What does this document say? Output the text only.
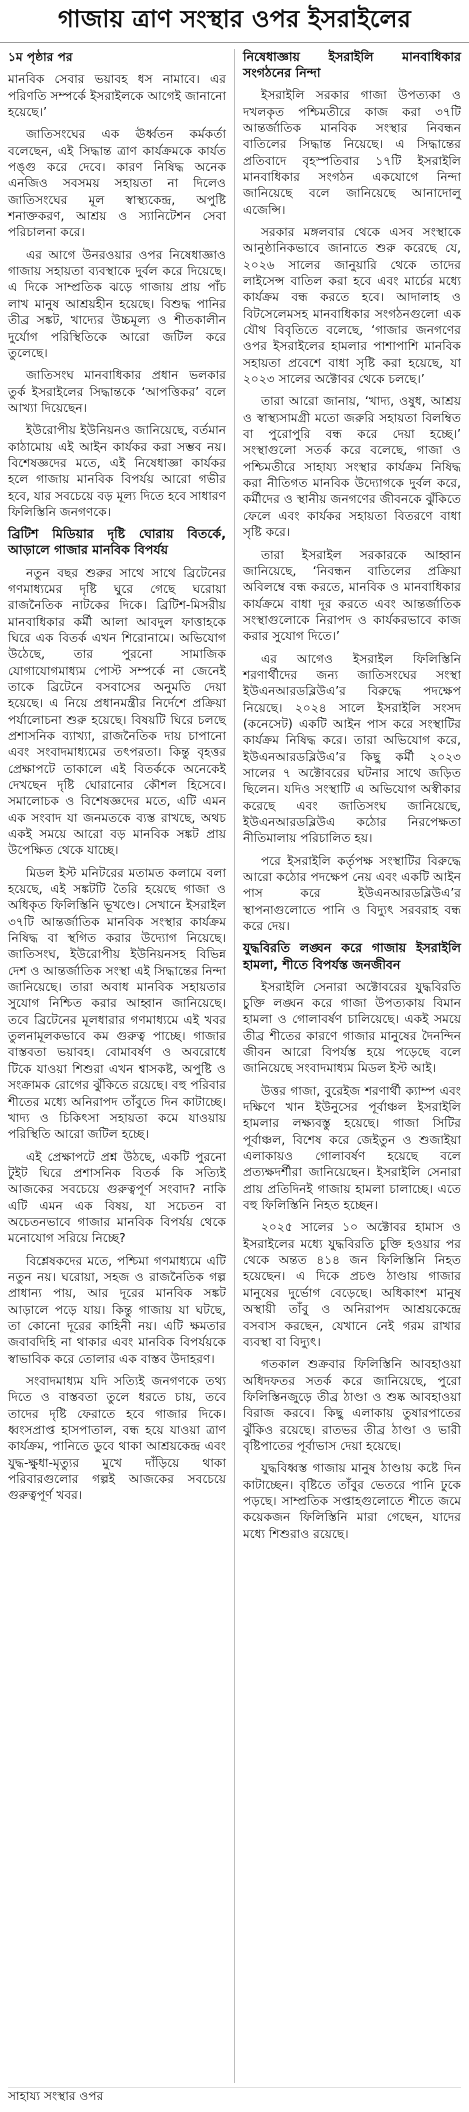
গাজায় ত্রাণ সংস্থার ওপর ইসরাইলের
১ম পৃষ্ঠার পর

মানবিক সেবার ভয়াবহ ধস নামাবে। এর পরিণতি সম্পর্কে ইসরাইলকে আগেই জানানো হয়েছে।’

জাতিসংঘের এক ঊর্ধ্বতন কর্মকর্তা বলেছেন, এই সিদ্ধান্ত ত্রাণ কার্যক্রমকে কার্যত পঙ্গু করে দেবে। কারণ নিষিদ্ধ অনেক এনজিও সবসময় সহায়তা না দিলেও জাতিসংঘের মূল স্বাস্থ্যকেন্দ্র, অপুষ্টি শনাক্তকরণ, আশ্রয় ও স্যানিটেশন সেবা পরিচালনা করে।

এর আগে উনরওয়ার ওপর নিষেধাজ্ঞাও গাজায় সহায়তা ব্যবস্থাকে দুর্বল করে দিয়েছে। এ দিকে সাম্প্রতিক ঝড়ে গাজায় প্রায় পাঁচ লাখ মানুষ আশ্রয়হীন হয়েছে। বিশুদ্ধ পানির তীব্র সঙ্কট, খাদ্যের উচ্চমূল্য ও শীতকালীন দুর্যোগ পরিস্থিতিকে আরো জটিল করে তুলেছে।

জাতিসংঘ মানবাধিকার প্রধান ভলকার তুর্ক ইসরাইলের সিদ্ধান্তকে ‘আপত্তিকর’ বলে আখ্যা দিয়েছেন।

ইউরোপীয় ইউনিয়নও জানিয়েছে, বর্তমান কাঠামোয় এই আইন কার্যকর করা সম্ভব নয়। বিশেষজ্ঞদের মতে, এই নিষেধাজ্ঞা কার্যকর হলে গাজায় মানবিক বিপর্যয় আরো গভীর হবে, যার সবচেয়ে বড় মূল্য দিতে হবে সাধারণ ফিলিস্তিনি জনগণকে।

ব্রিটিশ মিডিয়ার দৃষ্টি ঘোরায় বিতর্কে, আড়ালে গাজার মানবিক বিপর্যয়

নতুন বছর শুরুর সাথে সাথে ব্রিটেনের গণমাধ্যমের দৃষ্টি ঘুরে গেছে ঘরোয়া রাজনৈতিক নাটকের দিকে। ব্রিটিশ-মিসরীয় মানবাধিকার কর্মী আলা আবদুল ফাত্তাহকে ঘিরে এক বিতর্ক এখন শিরোনামে। অভিযোগ উঠেছে, তার পুরনো সামাজিক যোগাযোগমাধ্যম পোস্ট সম্পর্কে না জেনেই তাকে ব্রিটেনে বসবাসের অনুমতি দেয়া হয়েছে। এ নিয়ে প্রধানমন্ত্রীর নির্দেশে প্রক্রিয়া পর্যালোচনা শুরু হয়েছে। বিষয়টি ঘিরে চলছে প্রশাসনিক ব্যাখ্যা, রাজনৈতিক দায় চাপানো এবং সংবাদমাধ্যমের তৎপরতা। কিন্তু বৃহত্তর প্রেক্ষাপটে তাকালে এই বিতর্ককে অনেকেই দেখছেন দৃষ্টি ঘোরানোর কৌশল হিসেবে। সমালোচক ও বিশেষজ্ঞদের মতে, এটি এমন এক সংবাদ যা জনমতকে ব্যস্ত রাখছে, অথচ একই সময়ে আরো বড় মানবিক সঙ্কট প্রায় উপেক্ষিত থেকে যাচ্ছে।

মিডল ইস্ট মনিটরের মতামত কলামে বলা হয়েছে, এই সঙ্কটটি তৈরি হয়েছে গাজা ও অধিকৃত ফিলিস্তিনি ভূখণ্ডে। সেখানে ইসরাইল ৩৭টি আন্তর্জাতিক মানবিক সংস্থার কার্যক্রম নিষিদ্ধ বা স্থগিত করার উদ্যোগ নিয়েছে। জাতিসংঘ, ইউরোপীয় ইউনিয়নসহ বিভিন্ন দেশ ও আন্তর্জাতিক সংস্থা এই সিদ্ধান্তের নিন্দা জানিয়েছে। তারা অবাধ মানবিক সহায়তার সুযোগ নিশ্চিত করার আহ্বান জানিয়েছে। তবে ব্রিটেনের মূলধারার গণমাধ্যমে এই খবর তুলনামূলকভাবে কম গুরুত্ব পাচ্ছে। গাজার বাস্তবতা ভয়াবহ। বোমাবর্ষণ ও অবরোধে টিকে যাওয়া শিশুরা এখন শ্বাসকষ্ট, অপুষ্টি ও সংক্রামক রোগের ঝুঁকিতে রয়েছে। বহু পরিবার শীতের মধ্যে অনিরাপদ তাঁবুতে দিন কাটাচ্ছে। খাদ্য ও চিকিৎসা সহায়তা কমে যাওয়ায় পরিস্থিতি আরো জটিল হচ্ছে।

এই প্রেক্ষাপটে প্রশ্ন উঠছে, একটি পুরনো টুইট ঘিরে প্রশাসনিক বিতর্ক কি সত্যিই আজকের সবচেয়ে গুরুত্বপূর্ণ সংবাদ? নাকি এটি এমন এক বিষয়, যা সচেতন বা অচেতনভাবে গাজার মানবিক বিপর্যয় থেকে মনোযোগ সরিয়ে নিচ্ছে?

বিশ্লেষকদের মতে, পশ্চিমা গণমাধ্যমে এটি নতুন নয়। ঘরোয়া, সহজ ও রাজনৈতিক গল্প প্রাধান্য পায়, আর দূরের মানবিক সঙ্কট আড়ালে পড়ে যায়। কিন্তু গাজায় যা ঘটছে, তা কোনো দূরের কাহিনী নয়। এটি ক্ষমতার জবাবদিহি না থাকার এবং মানবিক বিপর্যয়কে স্বাভাবিক করে তোলার এক বাস্তব উদাহরণ।

সংবাদমাধ্যম যদি সত্যিই জনগণকে তথ্য দিতে ও বাস্তবতা তুলে ধরতে চায়, তবে তাদের দৃষ্টি ফেরাতে হবে গাজার দিকে। ধ্বংসপ্রাপ্ত হাসপাতাল, বন্ধ হয়ে যাওয়া ত্রাণ কার্যক্রম, পানিতে ডুবে থাকা আশ্রয়কেন্দ্র এবং যুদ্ধ-ক্ষুধা-মৃত্যুর মুখে দাঁড়িয়ে থাকা পরিবারগুলোর গল্পই আজকের সবচেয়ে গুরুত্বপূর্ণ খবর।

নিষেধাজ্ঞায় ইসরাইলি মানবাধিকার সংগঠনের নিন্দা

ইসরাইলি সরকার গাজা উপত্যকা ও দখলকৃত পশ্চিমতীরে কাজ করা ৩৭টি আন্তর্জাতিক মানবিক সংস্থার নিবন্ধন বাতিলের সিদ্ধান্ত নিয়েছে। এ সিদ্ধান্তের প্রতিবাদে বৃহস্পতিবার ১৭টি ইসরাইলি মানবাধিকার সংগঠন একযোগে নিন্দা জানিয়েছে বলে জানিয়েছে আনাদোলু এজেন্সি।

সরকার মঙ্গলবার থেকে এসব সংস্থাকে আনুষ্ঠানিকভাবে জানাতে শুরু করেছে যে, ২০২৬ সালের জানুয়ারি থেকে তাদের লাইসেন্স বাতিল করা হবে এবং মার্চের মধ্যে কার্যক্রম বন্ধ করতে হবে। আদালাহ ও বিটসেলেমসহ মানবাধিকার সংগঠনগুলো এক যৌথ বিবৃতিতে বলেছে, ‘গাজার জনগণের ওপর ইসরাইলের হামলার পাশাপাশি মানবিক সহায়তা প্রবেশে বাধা সৃষ্টি করা হয়েছে, যা ২০২৩ সালের অক্টোবর থেকে চলছে।’

তারা আরো জানায়, ‘খাদ্য, ওষুধ, আশ্রয় ও স্বাস্থ্যসামগ্রী মতো জরুরি সহায়তা বিলম্বিত বা পুরোপুরি বন্ধ করে দেয়া হচ্ছে।’ সংস্থাগুলো সতর্ক করে বলেছে, গাজা ও পশ্চিমতীরে সাহায্য সংস্থার কার্যক্রম নিষিদ্ধ করা নীতিগত মানবিক উদ্যোগকে দুর্বল করে, কর্মীদের ও স্থানীয় জনগণের জীবনকে ঝুঁকিতে ফেলে এবং কার্যকর সহায়তা বিতরণে বাধা সৃষ্টি করে।

তারা ইসরাইল সরকারকে আহ্বান জানিয়েছে, ‘নিবন্ধন বাতিলের প্রক্রিয়া অবিলম্বে বন্ধ করতে, মানবিক ও মানবাধিকার কার্যক্রমে বাধা দূর করতে এবং আন্তর্জাতিক সংস্থাগুলোকে নিরাপদ ও কার্যকরভাবে কাজ করার সুযোগ দিতে।’

এর আগেও ইসরাইল ফিলিস্তিনি শরণার্থীদের জন্য জাতিসংঘের সংস্থা ইউএনআরডব্লিউএ’র বিরুদ্ধে পদক্ষেপ নিয়েছে। ২০২৪ সালে ইসরাইলি সংসদ (কনেসেট) একটি আইন পাস করে সংস্থাটির কার্যক্রম নিষিদ্ধ করে। তারা অভিযোগ করে, ইউএনআরডব্লিউএ’র কিছু কর্মী ২০২৩ সালের ৭ অক্টোবরের ঘটনার সাথে জড়িত ছিলেন। যদিও সংস্থাটি এ অভিযোগ অস্বীকার করেছে এবং জাতিসংঘ জানিয়েছে, ইউএনআরডব্লিউএ কঠোর নিরপেক্ষতা নীতিমালায় পরিচালিত হয়।

পরে ইসরাইলি কর্তৃপক্ষ সংস্থাটির বিরুদ্ধে আরো কঠোর পদক্ষেপ নেয় এবং একটি আইন পাস করে ইউএনআরডব্লিউএ’র স্থাপনাগুলোতে পানি ও বিদ্যুৎ সরবরাহ বন্ধ করে দেয়।

যুদ্ধবিরতি লঙ্ঘন করে গাজায় ইসরাইলি হামলা, শীতে বিপর্যস্ত জনজীবন

ইসরাইলি সেনারা অক্টোবরের যুদ্ধবিরতি চুক্তি লঙ্ঘন করে গাজা উপত্যকায় বিমান হামলা ও গোলাবর্ষণ চালিয়েছে। একই সময়ে তীব্র শীতের কারণে গাজার মানুষের দৈনন্দিন জীবন আরো বিপর্যস্ত হয়ে পড়েছে বলে জানিয়েছে সংবাদমাধ্যম মিডল ইস্ট আই।

উত্তর গাজা, বুরেইজ শরণার্থী ক্যাম্প এবং দক্ষিণে খান ইউনুসের পূর্বাঞ্চল ইসরাইলি হামলার লক্ষ্যবস্তু হয়েছে। গাজা সিটির পূর্বাঞ্চল, বিশেষ করে জেইতুন ও শুজাইয়া এলাকায়ও গোলাবর্ষণ হয়েছে বলে প্রত্যক্ষদর্শীরা জানিয়েছেন। ইসরাইলি সেনারা প্রায় প্রতিদিনই গাজায় হামলা চালাচ্ছে। এতে বহু ফিলিস্তিনি নিহত হচ্ছেন।

২০২৫ সালের ১০ অক্টোবর হামাস ও ইসরাইলের মধ্যে যুদ্ধবিরতি চুক্তি হওয়ার পর থেকে অন্তত ৪১৪ জন ফিলিস্তিনি নিহত হয়েছেন। এ দিকে প্রচণ্ড ঠাণ্ডায় গাজার মানুষের দুর্ভোগ বেড়েছে। অধিকাংশ মানুষ অস্থায়ী তাঁবু ও অনিরাপদ আশ্রয়কেন্দ্রে বসবাস করছেন, যেখানে নেই গরম রাখার ব্যবস্থা বা বিদ্যুৎ।

গতকাল শুক্রবার ফিলিস্তিনি আবহাওয়া অধিদফতর সতর্ক করে জানিয়েছে, পুরো ফিলিস্তিনজুড়ে তীব্র ঠাণ্ডা ও শুষ্ক আবহাওয়া বিরাজ করবে। কিছু এলাকায় তুষারপাতের ঝুঁকিও রয়েছে। রাতভর তীব্র ঠাণ্ডা ও ভারী বৃষ্টিপাতের পূর্বাভাস দেয়া হয়েছে।

যুদ্ধবিধ্বস্ত গাজায় মানুষ ঠাণ্ডায় কষ্টে দিন কাটাচ্ছেন। বৃষ্টিতে তাঁবুর ভেতরে পানি ঢুকে পড়ছে। সাম্প্রতিক সপ্তাহগুলোতে শীতে জমে কয়েকজন ফিলিস্তিনি মারা গেছেন, যাদের মধ্যে শিশুরাও রয়েছে।

সাহায্য সংস্থার ওপর
